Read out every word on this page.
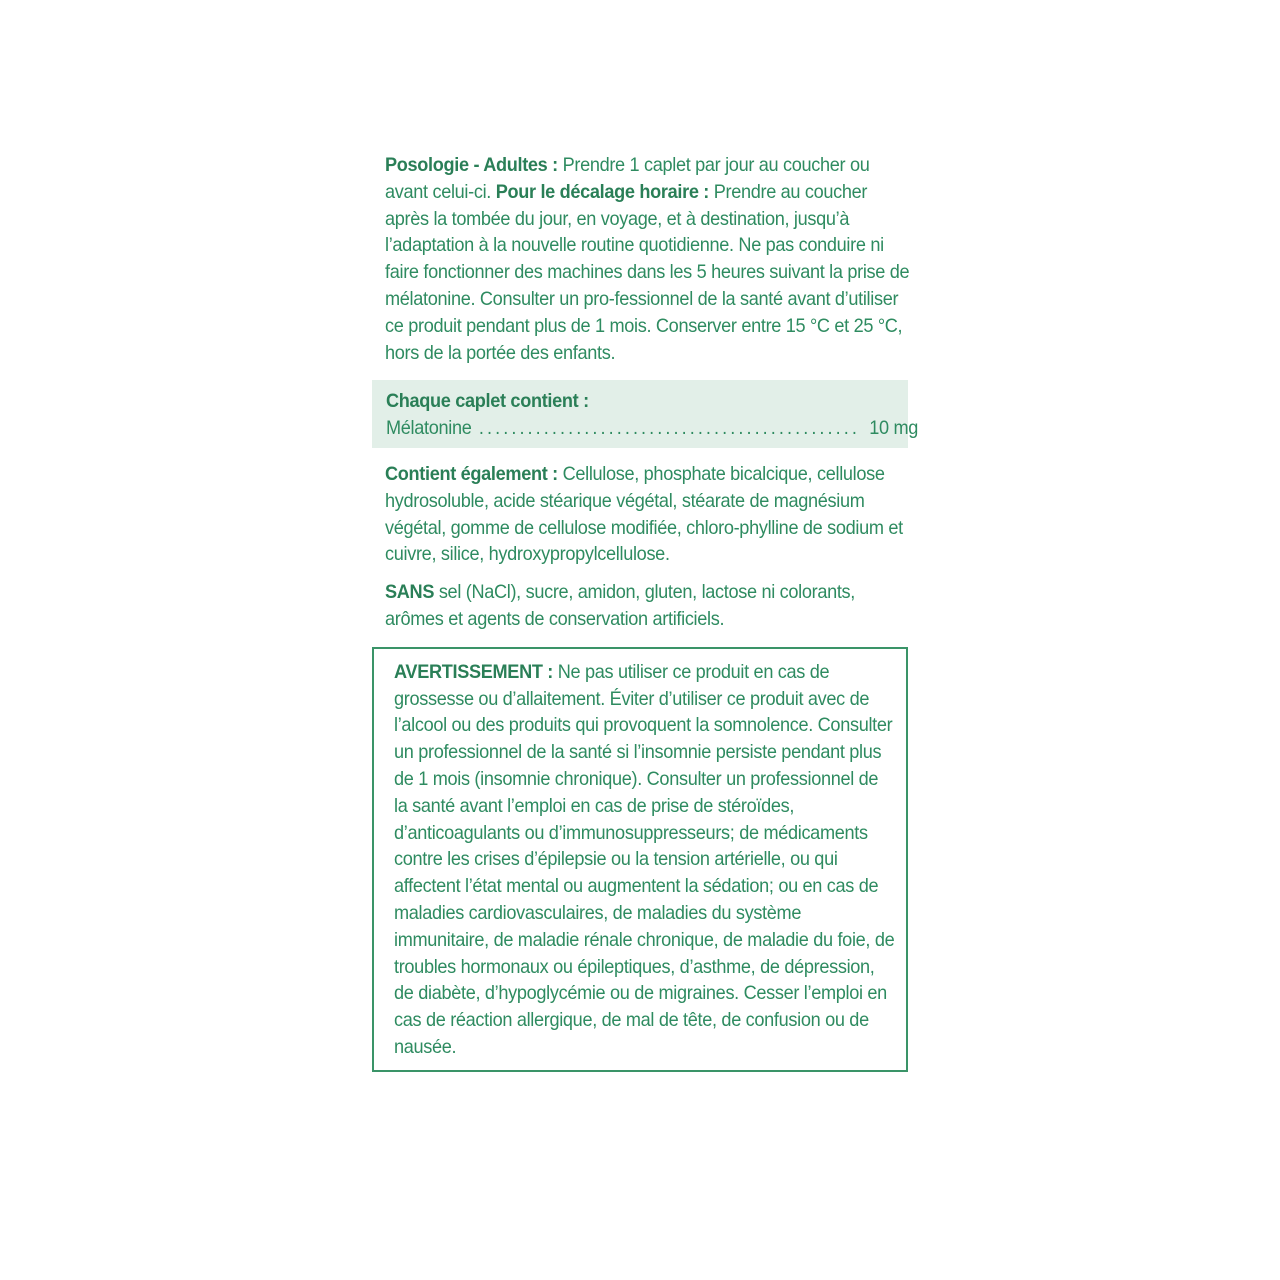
Posologie - Adultes : Prendre 1 caplet par jour au coucher ou avant celui-ci. Pour le décalage horaire : Prendre au coucher après la tombée du jour, en voyage, et à destination, jusqu’à l’adaptation à la nouvelle routine quotidienne. Ne pas conduire ni faire fonctionner des machines dans les 5 heures suivant la prise de mélatonine. Consulter un pro-fessionnel de la santé avant d’utiliser ce produit pendant plus de 1 mois. Conserver entre 15 °C et 25 °C, hors de la portée des enfants.
Chaque caplet contient :
Mélatonine ............................................... 10 mg
Contient également : Cellulose, phosphate bicalcique, cellulose hydrosoluble, acide stéarique végétal, stéarate de magnésium végétal, gomme de cellulose modifiée, chloro-phylline de sodium et cuivre, silice, hydroxypropylcellulose.
SANS sel (NaCl), sucre, amidon, gluten, lactose ni colorants, arômes et agents de conservation artificiels.
AVERTISSEMENT : Ne pas utiliser ce produit en cas de grossesse ou d’allaitement. Éviter d’utiliser ce produit avec de l’alcool ou des produits qui provoquent la somnolence. Consulter un professionnel de la santé si l’insomnie persiste pendant plus de 1 mois (insomnie chronique). Consulter un professionnel de la santé avant l’emploi en cas de prise de stéroïdes, d’anticoagulants ou d’immunosuppresseurs; de médicaments contre les crises d’épilepsie ou la tension artérielle, ou qui affectent l’état mental ou augmentent la sédation; ou en cas de maladies cardiovasculaires, de maladies du système immunitaire, de maladie rénale chronique, de maladie du foie, de troubles hormonaux ou épileptiques, d’asthme, de dépression, de diabète, d’hypoglycémie ou de migraines. Cesser l’emploi en cas de réaction allergique, de mal de tête, de confusion ou de nausée.
